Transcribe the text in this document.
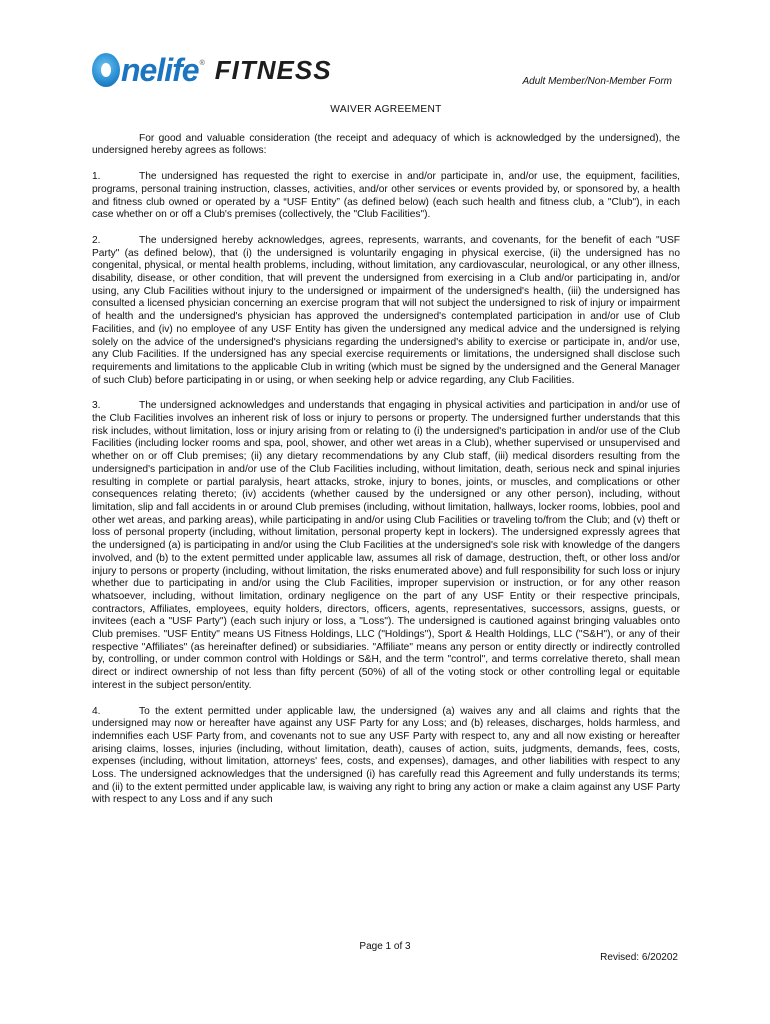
nelife ® FITNESS	Adult Member/Non-Member Form
WAIVER AGREEMENT

For good and valuable consideration (the receipt and adequacy of which is acknowledged by the undersigned), the undersigned hereby agrees as follows:

1.	The undersigned has requested the right to exercise in and/or participate in, and/or use, the equipment, facilities, programs, personal training instruction, classes, activities, and/or other services or events provided by, or sponsored by, a health and fitness club owned or operated by a “USF Entity” (as defined below) (each such health and fitness club, a "Club"), in each case whether on or off a Club's premises (collectively, the "Club Facilities").

2.	The undersigned hereby acknowledges, agrees, represents, warrants, and covenants, for the benefit of each "USF Party" (as defined below), that (i) the undersigned is voluntarily engaging in physical exercise, (ii) the undersigned has no congenital, physical, or mental health problems, including, without limitation, any cardiovascular, neurological, or any other illness, disability, disease, or other condition, that will prevent the undersigned from exercising in a Club and/or participating in, and/or using, any Club Facilities without injury to the undersigned or impairment of the undersigned's health, (iii) the undersigned has consulted a licensed physician concerning an exercise program that will not subject the undersigned to risk of injury or impairment of health and the undersigned's physician has approved the undersigned's contemplated participation in and/or use of Club Facilities, and (iv) no employee of any USF Entity has given the undersigned any medical advice and the undersigned is relying solely on the advice of the undersigned's physicians regarding the undersigned's ability to exercise or participate in, and/or use, any Club Facilities. If the undersigned has any special exercise requirements or limitations, the undersigned shall disclose such requirements and limitations to the applicable Club in writing (which must be signed by the undersigned and the General Manager of such Club) before participating in or using, or when seeking help or advice regarding, any Club Facilities.

3.	The undersigned acknowledges and understands that engaging in physical activities and participation in and/or use of the Club Facilities involves an inherent risk of loss or injury to persons or property. The undersigned further understands that this risk includes, without limitation, loss or injury arising from or relating to (i) the undersigned's participation in and/or use of the Club Facilities (including locker rooms and spa, pool, shower, and other wet areas in a Club), whether supervised or unsupervised and whether on or off Club premises; (ii) any dietary recommendations by any Club staff, (iii) medical disorders resulting from the undersigned's participation in and/or use of the Club Facilities including, without limitation, death, serious neck and spinal injuries resulting in complete or partial paralysis, heart attacks, stroke, injury to bones, joints, or muscles, and complications or other consequences relating thereto; (iv) accidents (whether caused by the undersigned or any other person), including, without limitation, slip and fall accidents in or around Club premises (including, without limitation, hallways, locker rooms, lobbies, pool and other wet areas, and parking areas), while participating in and/or using Club Facilities or traveling to/from the Club; and (v) theft or loss of personal property (including, without limitation, personal property kept in lockers). The undersigned expressly agrees that the undersigned (a) is participating in and/or using the Club Facilities at the undersigned's sole risk with knowledge of the dangers involved, and (b) to the extent permitted under applicable law, assumes all risk of damage, destruction, theft, or other loss and/or injury to persons or property (including, without limitation, the risks enumerated above) and full responsibility for such loss or injury whether due to participating in and/or using the Club Facilities, improper supervision or instruction, or for any other reason whatsoever, including, without limitation, ordinary negligence on the part of any USF Entity or their respective principals, contractors, Affiliates, employees, equity holders, directors, officers, agents, representatives, successors, assigns, guests, or invitees (each a "USF Party") (each such injury or loss, a "Loss"). The undersigned is cautioned against bringing valuables onto Club premises. "USF Entity" means US Fitness Holdings, LLC ("Holdings"), Sport & Health Holdings, LLC ("S&H"), or any of their respective "Affiliates" (as hereinafter defined) or subsidiaries. "Affiliate" means any person or entity directly or indirectly controlled by, controlling, or under common control with Holdings or S&H, and the term "control", and terms correlative thereto, shall mean direct or indirect ownership of not less than fifty percent (50%) of all of the voting stock or other controlling legal or equitable interest in the subject person/entity.

4.	To the extent permitted under applicable law, the undersigned (a) waives any and all claims and rights that the undersigned may now or hereafter have against any USF Party for any Loss; and (b) releases, discharges, holds harmless, and indemnifies each USF Party from, and covenants not to sue any USF Party with respect to, any and all now existing or hereafter arising claims, losses, injuries (including, without limitation, death), causes of action, suits, judgments, demands, fees, costs, expenses (including, without limitation, attorneys' fees, costs, and expenses), damages, and other liabilities with respect to any Loss. The undersigned acknowledges that the undersigned (i) has carefully read this Agreement and fully understands its terms; and (ii) to the extent permitted under applicable law, is waiving any right to bring any action or make a claim against any USF Party with respect to any Loss and if any such

Page 1 of 3
Revised: 6/20202
